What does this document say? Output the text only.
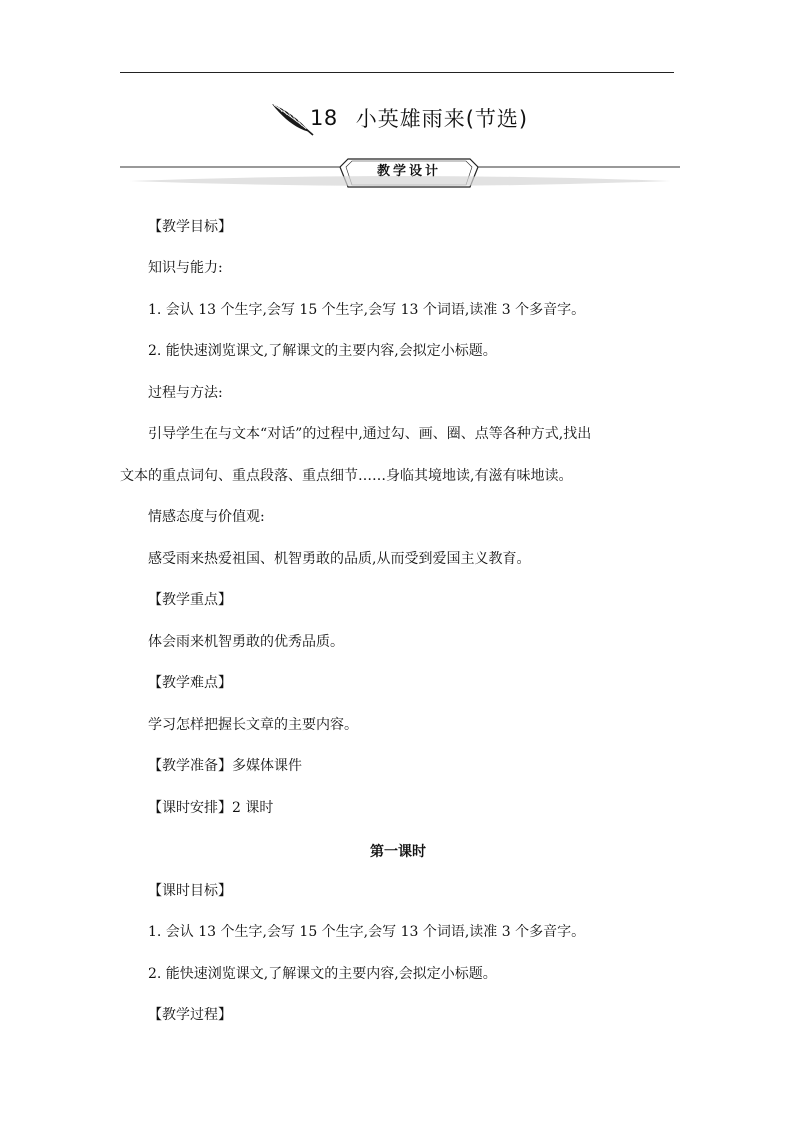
18 小英雄雨来(节选)
教学设计

【教学目标】

知识与能力:

1. 会认 13 个生字,会写 15 个生字,会写 13 个词语,读准 3 个多音字。

2. 能快速浏览课文,了解课文的主要内容,会拟定小标题。

过程与方法:

引导学生在与文本“对话”的过程中,通过勾、画、圈、点等各种方式,找出

文本的重点词句、重点段落、重点细节……身临其境地读,有滋有味地读。

情感态度与价值观:

感受雨来热爱祖国、机智勇敢的品质,从而受到爱国主义教育。

【教学重点】

体会雨来机智勇敢的优秀品质。

【教学难点】

学习怎样把握长文章的主要内容。

【教学准备】多媒体课件

【课时安排】2 课时

第一课时

【课时目标】

1. 会认 13 个生字,会写 15 个生字,会写 13 个词语,读准 3 个多音字。

2. 能快速浏览课文,了解课文的主要内容,会拟定小标题。

【教学过程】
